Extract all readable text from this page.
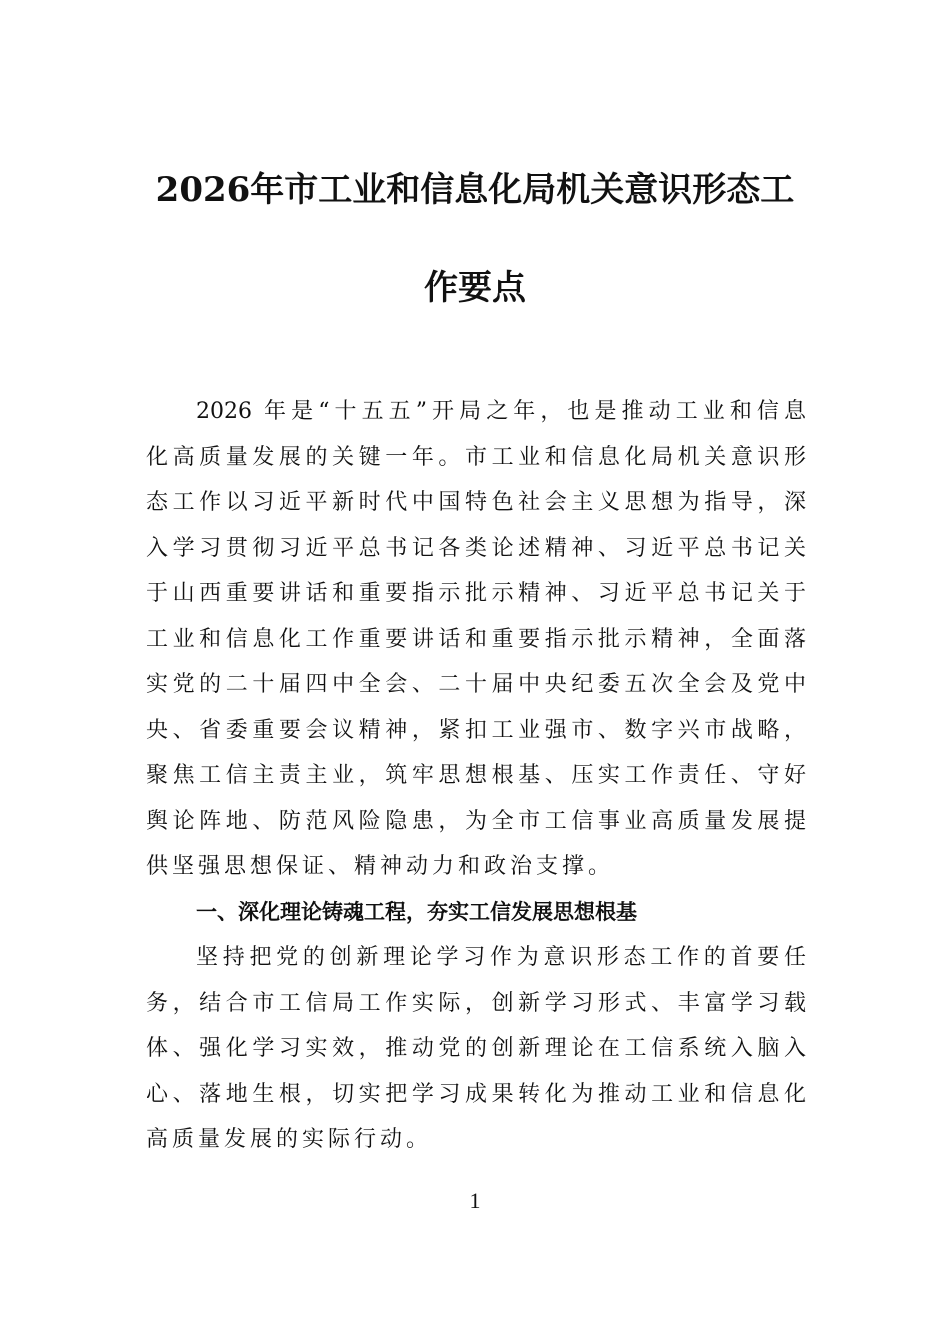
2026年市工业和信息化局机关意识形态工
作要点
2026 年是“十五五”开局之年，也是推动工业和信息
化高质量发展的关键一年。市工业和信息化局机关意识形
态工作以习近平新时代中国特色社会主义思想为指导，深
入学习贯彻习近平总书记各类论述精神、习近平总书记关
于山西重要讲话和重要指示批示精神、习近平总书记关于
工业和信息化工作重要讲话和重要指示批示精神，全面落
实党的二十届四中全会、二十届中央纪委五次全会及党中
央、省委重要会议精神，紧扣工业强市、数字兴市战略，
聚焦工信主责主业，筑牢思想根基、压实工作责任、守好
舆论阵地、防范风险隐患，为全市工信事业高质量发展提
供坚强思想保证、精神动力和政治支撑。
一、深化理论铸魂工程，夯实工信发展思想根基
坚持把党的创新理论学习作为意识形态工作的首要任
务，结合市工信局工作实际，创新学习形式、丰富学习载
体、强化学习实效，推动党的创新理论在工信系统入脑入
心、落地生根，切实把学习成果转化为推动工业和信息化
高质量发展的实际行动。
1
